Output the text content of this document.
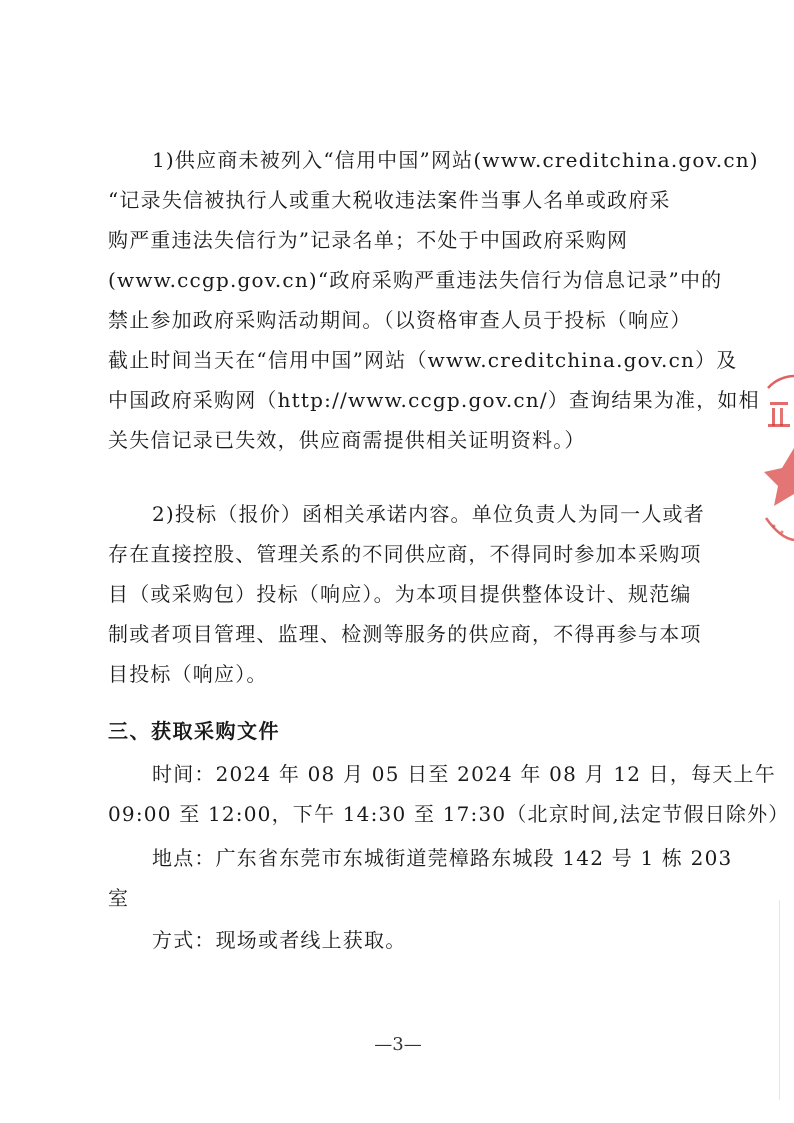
1)供应商未被列入“信用中国”网站(www.creditchina.gov.cn)
“记录失信被执行人或重大税收违法案件当事人名单或政府采
购严重违法失信行为”记录名单；不处于中国政府采购网
(www.ccgp.gov.cn)“政府采购严重违法失信行为信息记录”中的
禁止参加政府采购活动期间。（以资格审查人员于投标（响应）
截止时间当天在“信用中国”网站（www.creditchina.gov.cn）及
中国政府采购网（http://www.ccgp.gov.cn/）查询结果为准，如相
关失信记录已失效，供应商需提供相关证明资料。）
2)投标（报价）函相关承诺内容。单位负责人为同一人或者
存在直接控股、管理关系的不同供应商，不得同时参加本采购项
目（或采购包）投标（响应）。为本项目提供整体设计、规范编
制或者项目管理、监理、检测等服务的供应商，不得再参与本项
目投标（响应）。
三、获取采购文件
时间：2024 年 08 月 05 日至 2024 年 08 月 12 日，每天上午
09:00 至 12:00，下午 14:30 至 17:30（北京时间,法定节假日除外）
地点：广东省东莞市东城街道莞樟路东城段 142 号 1 栋 203
室
方式：现场或者线上获取。
—3—
